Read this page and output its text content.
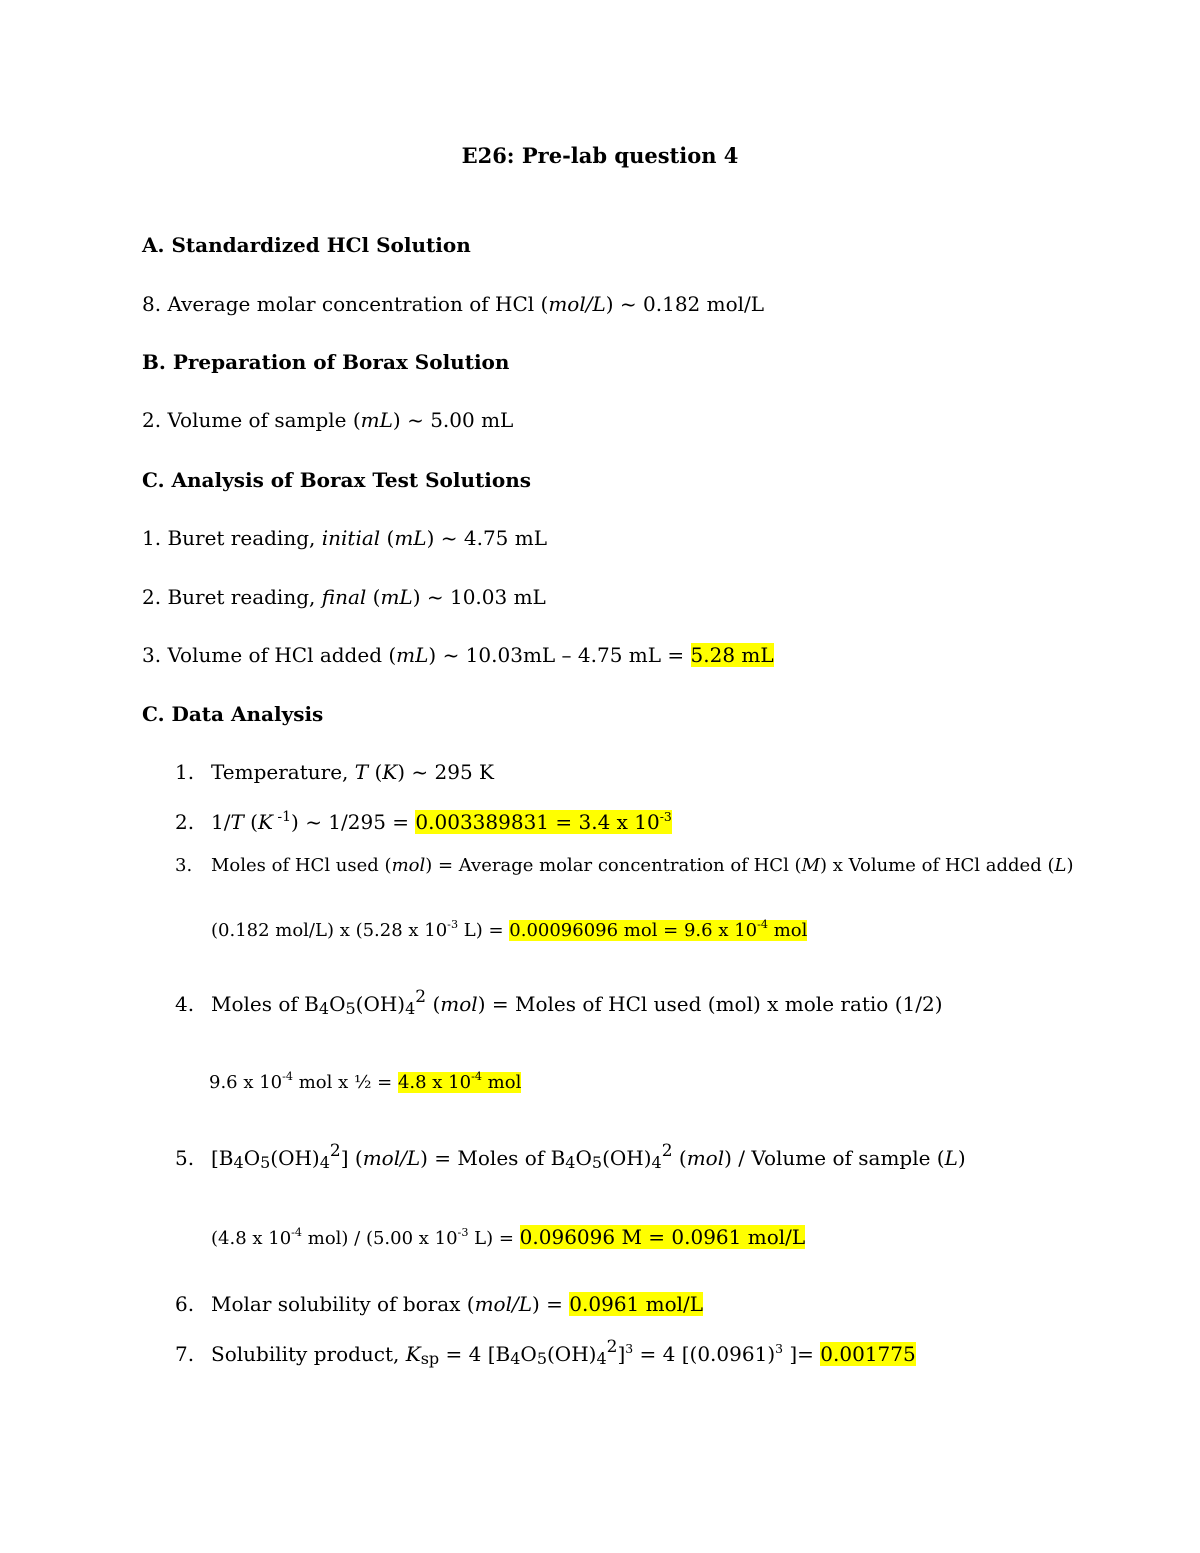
E26: Pre-lab question 4
A. Standardized HCl Solution
8. Average molar concentration of HCl (mol/L) ~ 0.182 mol/L
B. Preparation of Borax Solution
2. Volume of sample (mL) ~ 5.00 mL
C. Analysis of Borax Test Solutions
1. Buret reading, initial (mL) ~ 4.75 mL
2. Buret reading, final (mL) ~ 10.03 mL
3. Volume of HCl added (mL) ~ 10.03mL – 4.75 mL = 5.28 mL
C. Data Analysis
1. Temperature, T (K) ~ 295 K
2. 1/T (K $^{-1}$) ~ 1/295 = 0.003389831 = 3.4 x $10^{-3}$
3. Moles of HCl used (mol) = Average molar concentration of HCl (M) x Volume of HCl added (L)
(0.182 mol/L) x (5.28 x $10^{-3}$ L) = 0.00096096 mol = 9.6 x $10^{-4}$ mol
4. Moles of $B4O5(OH)4^2$ (mol) = Moles of HCl used (mol) x mole ratio (1/2)
9.6 x $10^{-4}$ mol x ½ = 4.8 x $10^{-4}$ mol
5. $[B4O5(OH)4^2] (mol/L)$ = Moles of $B4O5(OH)4^2$ (mol) / Volume of sample (L)
(4.8 x $10^{-4}$ mol) / (5.00 x $10^{-3}$ L) = 0.096096 M = 0.0961 mol/L
6. Molar solubility of borax (mol/L) = 0.0961 mol/L
7. Solubility product, Ksp = 4 $[B4O5(OH)4^2]^3 = 4$ [$(0.0961)^3$ ]= 0.001775
